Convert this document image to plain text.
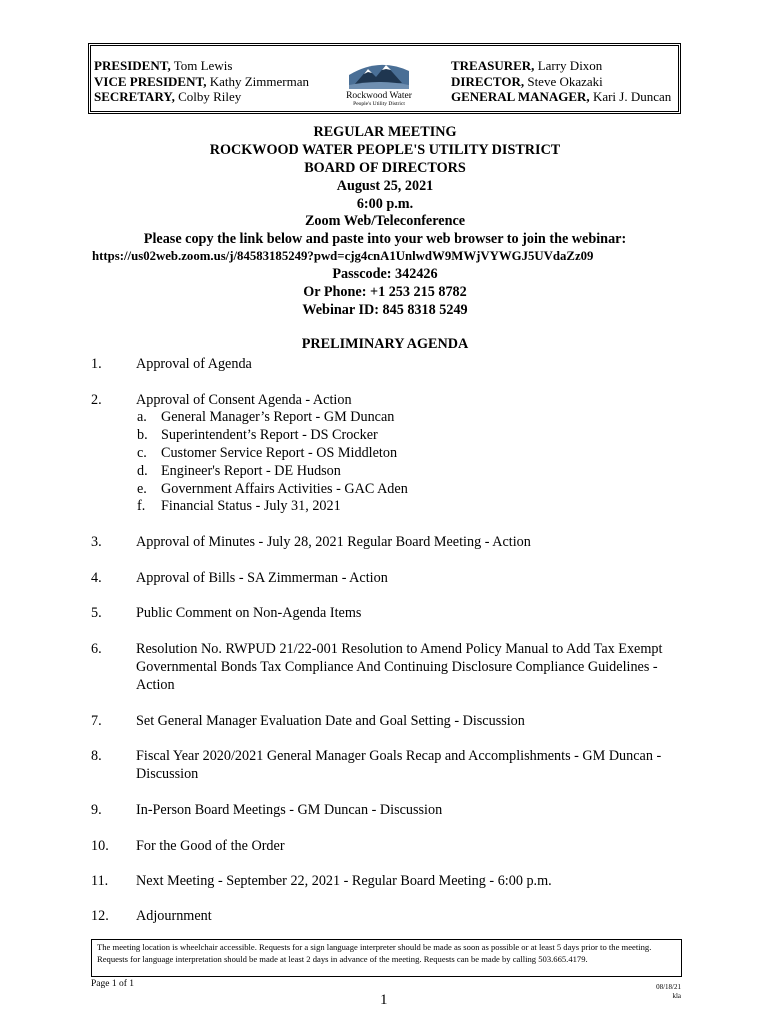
PRESIDENT, Tom Lewis
VICE PRESIDENT, Kathy Zimmerman
SECRETARY, Colby Riley	Rockwood Water
People's Utility District
TREASURER, Larry Dixon
DIRECTOR, Steve Okazaki
GENERAL MANAGER, Kari J. Duncan
REGULAR MEETING
ROCKWOOD WATER PEOPLE'S UTILITY DISTRICT
BOARD OF DIRECTORS
August 25, 2021
6:00 p.m.
Zoom Web/Teleconference
Please copy the link below and paste into your web browser to join the webinar:
https://us02web.zoom.us/j/84583185249?pwd=cjg4cnA1UnlwdW9MWjVYWGJ5UVdaZz09
Passcode: 342426
Or Phone: +1 253 215 8782
Webinar ID: 845 8318 5249
PRELIMINARY AGENDA
1. Approval of Agenda
2. Approval of Consent Agenda - Action
a. General Manager’s Report - GM Duncan
b. Superintendent’s Report - DS Crocker
c. Customer Service Report - OS Middleton
d. Engineer's Report - DE Hudson
e. Government Affairs Activities - GAC Aden
f. Financial Status - July 31, 2021
3. Approval of Minutes - July 28, 2021 Regular Board Meeting - Action
4. Approval of Bills - SA Zimmerman - Action
5. Public Comment on Non-Agenda Items
6. Resolution No. RWPUD 21/22-001 Resolution to Amend Policy Manual to Add Tax Exempt Governmental Bonds Tax Compliance And Continuing Disclosure Compliance Guidelines - Action
7. Set General Manager Evaluation Date and Goal Setting - Discussion
8. Fiscal Year 2020/2021 General Manager Goals Recap and Accomplishments - GM Duncan - Discussion
9. In-Person Board Meetings - GM Duncan - Discussion
10. For the Good of the Order
11. Next Meeting - September 22, 2021 - Regular Board Meeting - 6:00 p.m.
12. Adjournment
The meeting location is wheelchair accessible. Requests for a sign language interpreter should be made as soon as possible or at least 5 days prior to the meeting. Requests for language interpretation should be made at least 2 days in advance of the meeting. Requests can be made by calling 503.665.4179.
Page 1 of 1	08/18/21
kla
1
